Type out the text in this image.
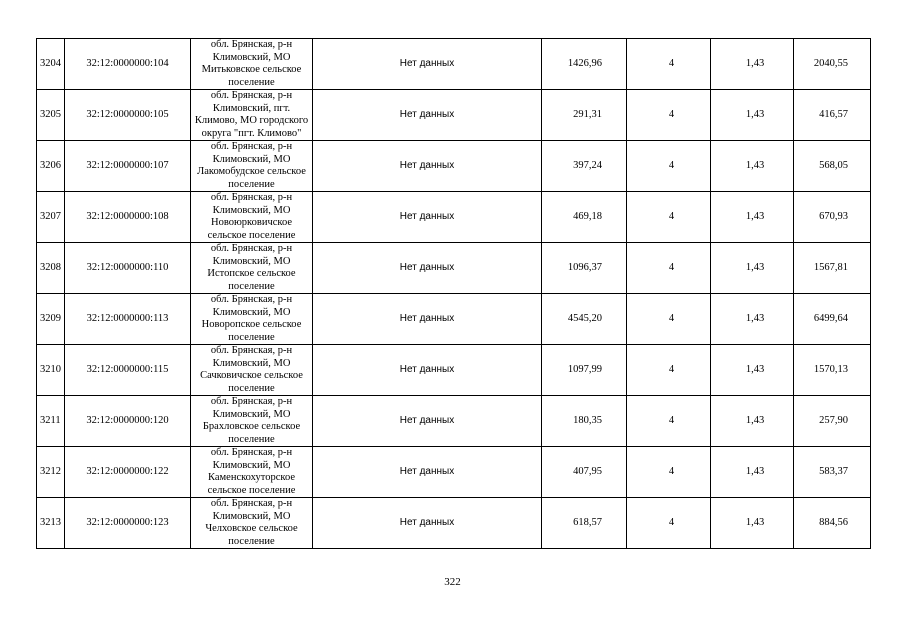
3204	32:12:0000000:104	обл. Брянская, р-н
Климовский, МО
Митьковское сельское
поселение	Нет данных	1426,96	4	1,43	2040,55
3205	32:12:0000000:105	обл. Брянская, р-н
Климовский, пгт.
Климово, МО городского
округа "пгт. Климово"	Нет данных	291,31	4	1,43	416,57
3206	32:12:0000000:107	обл. Брянская, р-н
Климовский, МО
Лакомобудское сельское
поселение	Нет данных	397,24	4	1,43	568,05
3207	32:12:0000000:108	обл. Брянская, р-н
Климовский, МО
Новоюрковичское
сельское поселение	Нет данных	469,18	4	1,43	670,93
3208	32:12:0000000:110	обл. Брянская, р-н
Климовский, МО
Истопское сельское
поселение	Нет данных	1096,37	4	1,43	1567,81
3209	32:12:0000000:113	обл. Брянская, р-н
Климовский, МО
Новоропское сельское
поселение	Нет данных	4545,20	4	1,43	6499,64
3210	32:12:0000000:115	обл. Брянская, р-н
Климовский, МО
Сачковичское сельское
поселение	Нет данных	1097,99	4	1,43	1570,13
3211	32:12:0000000:120	обл. Брянская, р-н
Климовский, МО
Брахловское сельское
поселение	Нет данных	180,35	4	1,43	257,90
3212	32:12:0000000:122	обл. Брянская, р-н
Климовский, МО
Каменскохуторское
сельское поселение	Нет данных	407,95	4	1,43	583,37
3213	32:12:0000000:123	обл. Брянская, р-н
Климовский, МО
Челховское сельское
поселение	Нет данных	618,57	4	1,43	884,56
322
